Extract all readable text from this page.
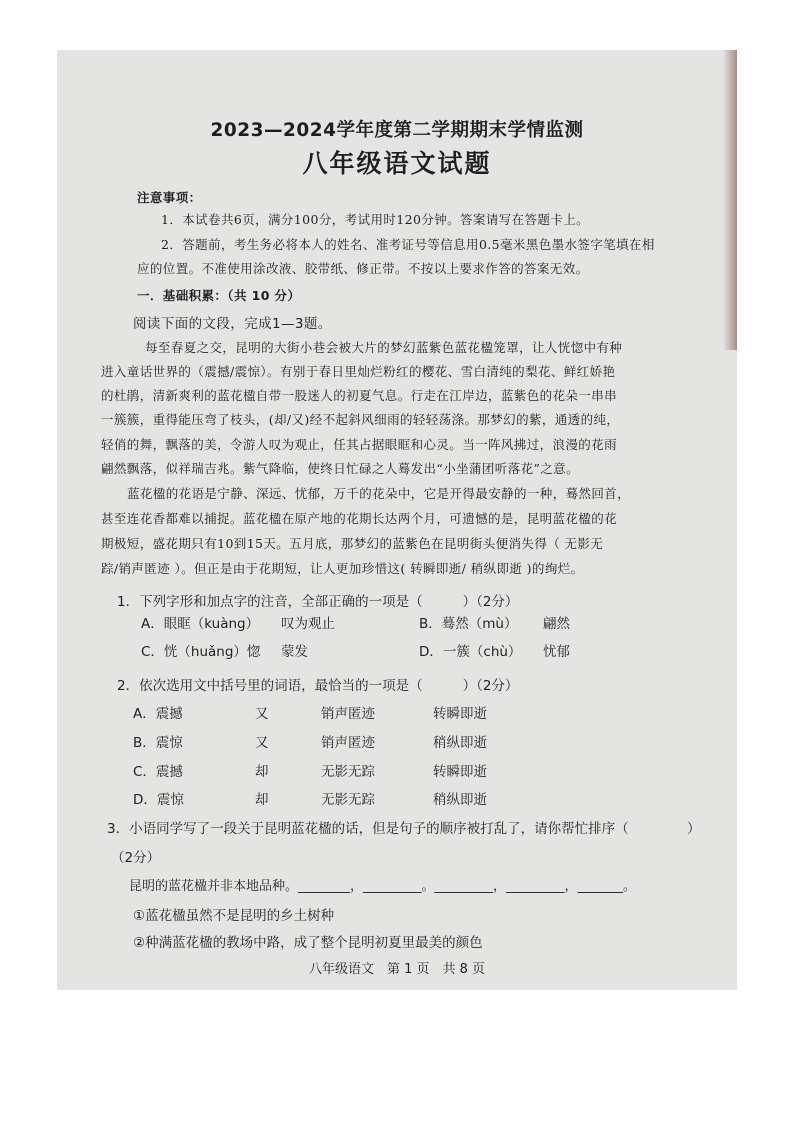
2023—2024学年度第二学期期末学情监测
八年级语文试题
注意事项：
1．本试卷共6页，满分100分，考试用时120分钟。答案请写在答题卡上。
2．答题前，考生务必将本人的姓名、准考证号等信息用0.5毫米黑色墨水签字笔填在相
应的位置。不准使用涂改液、胶带纸、修正带。不按以上要求作答的答案无效。
一．基础积累：（共 10 分）
阅读下面的文段，完成1—3题。
每至春夏之交，昆明的大街小巷会被大片的梦幻蓝紫色蓝花楹笼罩，让人恍惚中有种
进入童话世界的（震撼/震惊）。有别于春日里灿烂粉红的樱花、雪白清纯的梨花、鲜红娇艳
的杜鹃，清新爽利的蓝花楹自带一股迷人的初夏气息。行走在江岸边，蓝紫色的花朵一串串
一簇簇，重得能压弯了枝头，(却/又)经不起斜风细雨的轻轻荡涤。那梦幻的紫，通透的纯，
轻俏的舞，飘落的美，令游人叹为观止，任其占据眼眶和心灵。当一阵风拂过，浪漫的花雨
翩然飘落，似祥瑞吉兆。紫气降临，使终日忙碌之人蓦发出“小坐蒲团听落花”之意。
蓝花楹的花语是宁静、深远、忧郁，万千的花朵中，它是开得最安静的一种，蓦然回首，
甚至连花香都难以捕捉。蓝花楹在原产地的花期长达两个月，可遗憾的是，昆明蓝花楹的花
期极短，盛花期只有10到15天。五月底，那梦幻的蓝紫色在昆明街头便消失得（ 无影无
踪/销声匿迹 ）。但正是由于花期短，让人更加珍惜这( 转瞬即逝/ 稍纵即逝 )的绚烂。
1．下列字形和加点字的注音，全部正确的一项是（	）（2分）
A．眼眶（kuàng） 叹为观止	B．蓦然（mù） 翩然
C．恍（huǎng）惚 蒙发	D．一簇（chù） 忧郁
2．依次选用文中括号里的词语，最恰当的一项是（	）（2分）
A．震撼	又	销声匿迹	转瞬即逝
B．震惊	又	销声匿迹	稍纵即逝
C．震撼	却	无影无踪	转瞬即逝
D．震惊	却	无影无踪	稍纵即逝
3．小语同学写了一段关于昆明蓝花楹的话，但是句子的顺序被打乱了，请你帮忙排序（	）
（2分）
昆明的蓝花楹并非本地品种。________，_________。_________，_________，_______。
①蓝花楹虽然不是昆明的乡土树种
②种满蓝花楹的教场中路，成了整个昆明初夏里最美的颜色
八年级语文　第 1 页　共 8 页
